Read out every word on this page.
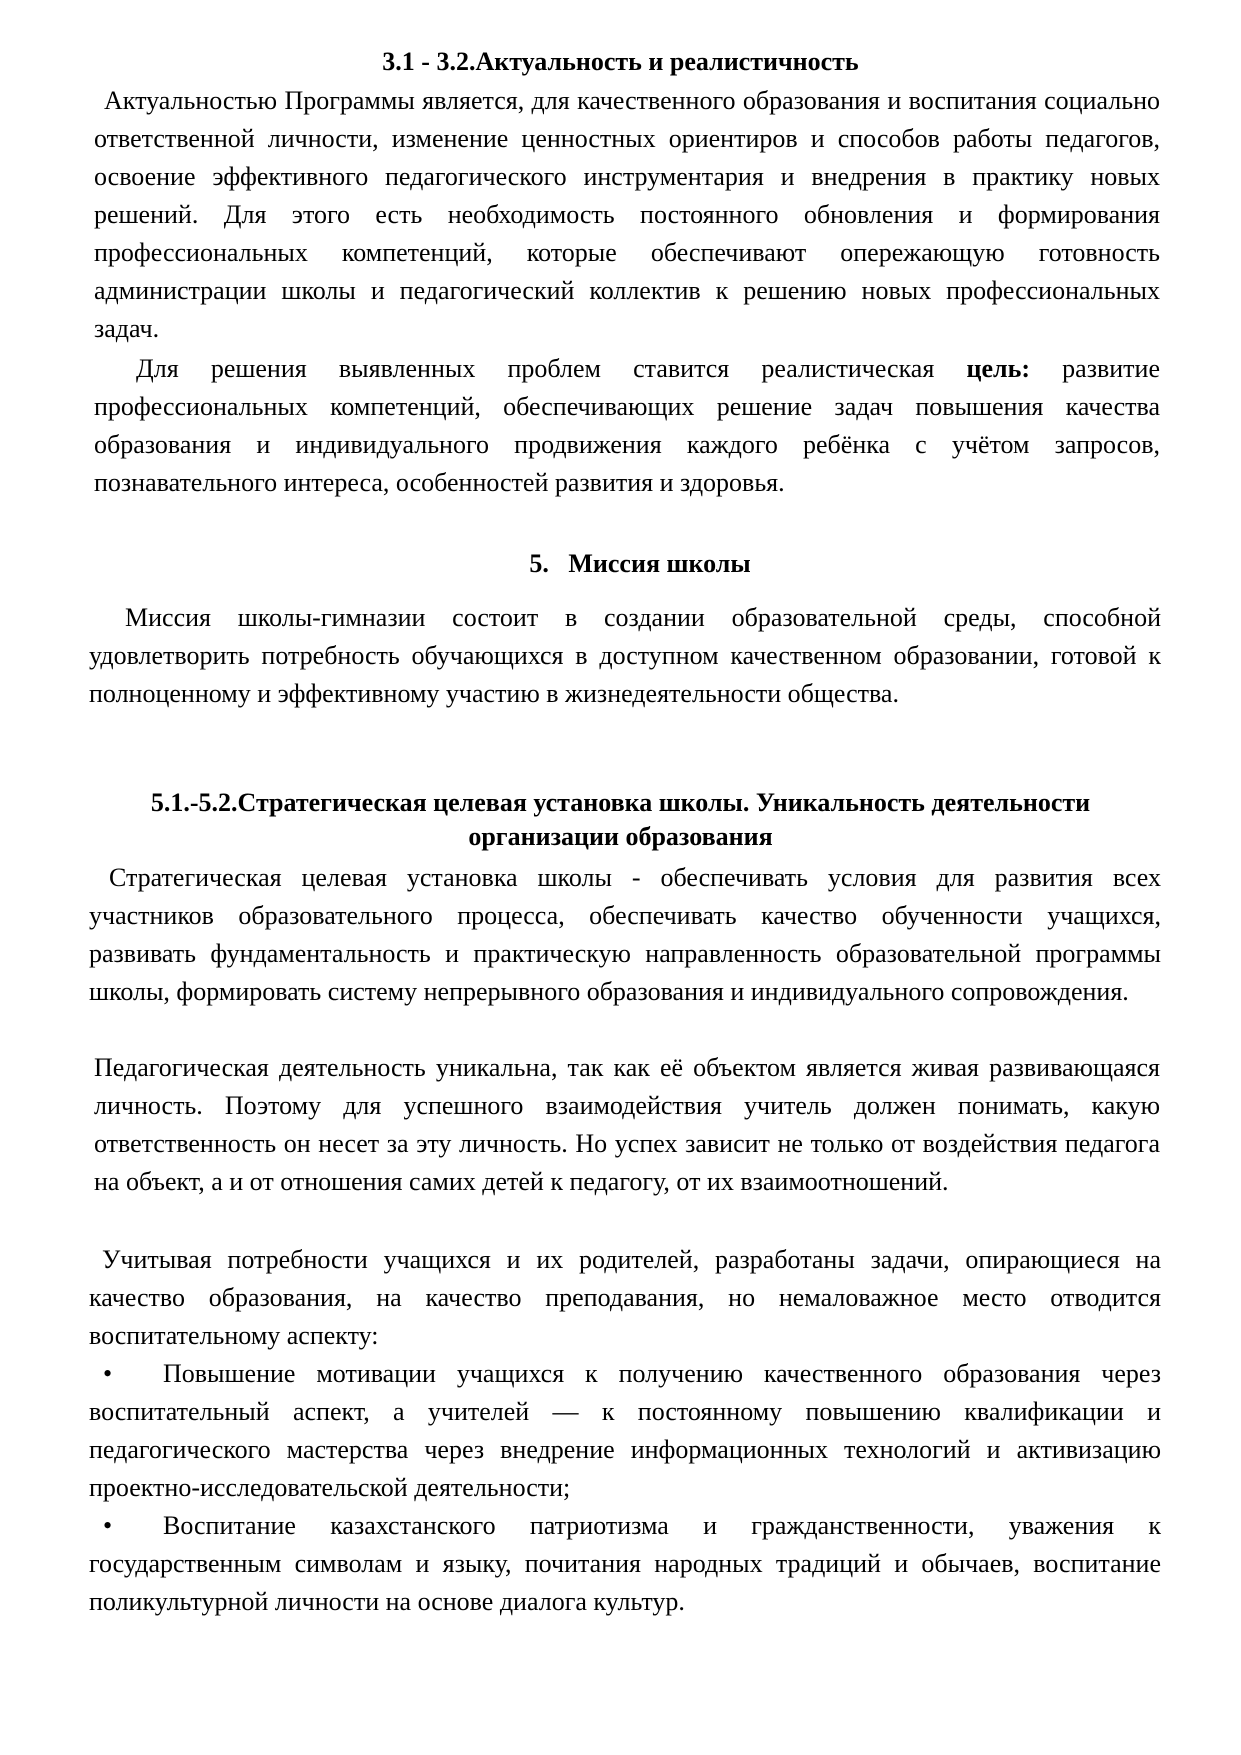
3.1 - 3.2.Актуальность и реалистичность

Актуальностью Программы является, для качественного образования и воспитания социально ответственной личности, изменение ценностных ориентиров и способов работы педагогов, освоение эффективного педагогического инструментария и внедрения в практику новых решений. Для этого есть необходимость постоянного обновления и формирования профессиональных компетенций, которые обеспечивают опережающую готовность администрации школы и педагогический коллектив к решению новых профессиональных задач.

Для решения выявленных проблем ставится реалистическая цель: развитие профессиональных компетенций, обеспечивающих решение задач повышения качества образования и индивидуального продвижения каждого ребёнка с учётом запросов, познавательного интереса, особенностей развития и здоровья.

5.   Миссия школы

Миссия школы-гимназии состоит в создании образовательной среды, способной удовлетворить потребность обучающихся в доступном качественном образовании, готовой к полноценному и эффективному участию в жизнедеятельности общества.

5.1.-5.2.Стратегическая целевая установка школы. Уникальность деятельности
организации образования

Стратегическая целевая установка школы - обеспечивать условия для развития всех участников образовательного процесса, обеспечивать качество обученности учащихся, развивать фундаментальность и практическую направленность образовательной программы школы, формировать систему непрерывного образования и индивидуального сопровождения.

Педагогическая деятельность уникальна, так как её объектом является живая развивающаяся личность. Поэтому для успешного взаимодействия учитель должен понимать, какую ответственность он несет за эту личность. Но успех зависит не только от воздействия педагога на объект, а и от отношения самих детей к педагогу, от их взаимоотношений.

Учитывая потребности учащихся и их родителей, разработаны задачи, опирающиеся на качество образования, на качество преподавания, но немаловажное место отводится воспитательному аспекту:

•	Повышение мотивации учащихся к получению качественного образования через воспитательный аспект, а учителей — к постоянному повышению квалификации и педагогического мастерства через внедрение информационных технологий и активизацию проектно-исследовательской деятельности;
•	Воспитание казахстанского патриотизма и гражданственности, уважения к государственным символам и языку, почитания народных традиций и обычаев, воспитание поликультурной личности на основе диалога культур.
